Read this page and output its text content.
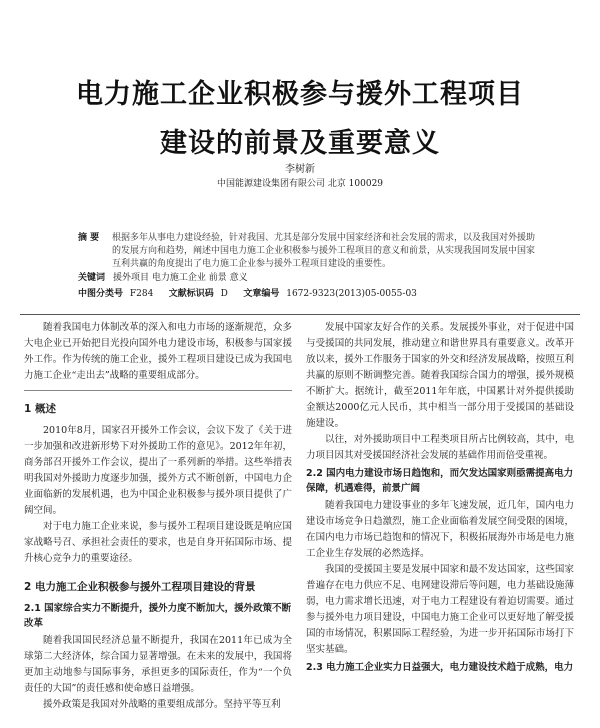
电力施工企业积极参与援外工程项目
建设的前景及重要意义
李树新
中国能源建设集团有限公司 北京 100029
摘 要 根据多年从事电力建设经验，针对我国、尤其是部分发展中国家经济和社会发展的需求，以及我国对外援助的发展方向和趋势，阐述中国电力施工企业积极参与援外工程项目的意义和前景，从实现我国同发展中国家互利共赢的角度提出了电力施工企业参与援外工程项目建设的重要性。
关键词 援外项目 电力施工企业 前景 意义
中图分类号 F284 文献标识码 D 文章编号 1672-9323(2013)05-0055-03

随着我国电力体制改革的深入和电力市场的逐渐规范，众多大电企业已开始把目光投向国外电力建设市场，积极参与国家援外工作。作为传统的施工企业，援外工程项目建设已成为我国电力施工企业“走出去”战略的重要组成部分。

1 概述

2010年8月，国家召开援外工作会议，会议下发了《关于进一步加强和改进新形势下对外援助工作的意见》。2012年年初，商务部召开援外工作会议，提出了一系列新的举措。这些举措表明我国对外援助力度逐步加强，援外方式不断创新，中国电力企业面临新的发展机遇，也为中国企业积极参与援外项目提供了广阔空间。

对于电力施工企业来说，参与援外工程项目建设既是响应国家战略号召、承担社会责任的要求，也是自身开拓国际市场、提升核心竞争力的重要途径。

2 电力施工企业积极参与援外工程项目建设的背景
2.1 国家综合实力不断提升，援外力度不断加大，援外政策不断改革

随着我国国民经济总量不断提升，我国在2011年已成为全球第二大经济体，综合国力显著增强。在未来的发展中，我国将更加主动地参与国际事务，承担更多的国际责任，作为“一个负责任的大国”的责任感和使命感日益增强。

援外政策是我国对外战略的重要组成部分。坚持平等互利

发展中国家友好合作的关系。发展援外事业，对于促进中国与受援国的共同发展，推动建立和谐世界具有重要意义。改革开放以来，援外工作服务于国家的外交和经济发展战略，按照互利共赢的原则不断调整完善。随着我国综合国力的增强，援外规模不断扩大。据统计，截至2011年年底，中国累计对外提供援助金额达2000亿元人民币，其中相当一部分用于受援国的基础设施建设。

以往，对外援助项目中工程类项目所占比例较高，其中，电力项目因其对受援国经济社会发展的基础作用而倍受重视。

2.2 国内电力建设市场日趋饱和，而欠发达国家则亟需提高电力保障，机遇难得，前景广阔

随着我国电力建设事业的多年飞速发展，近几年，国内电力建设市场竞争日趋激烈，施工企业面临着发展空间受限的困境，在国内电力市场已趋饱和的情况下，积极拓展海外市场是电力施工企业生存发展的必然选择。

我国的受援国主要是发展中国家和最不发达国家，这些国家普遍存在电力供应不足、电网建设滞后等问题，电力基础设施薄弱，电力需求增长迅速，对于电力工程建设有着迫切需要。通过参与援外电力项目建设，中国电力施工企业可以更好地了解受援国的市场情况，积累国际工程经验，为进一步开拓国际市场打下坚实基础。

2.3 电力施工企业实力日益强大，电力建设技术趋于成熟，电力
